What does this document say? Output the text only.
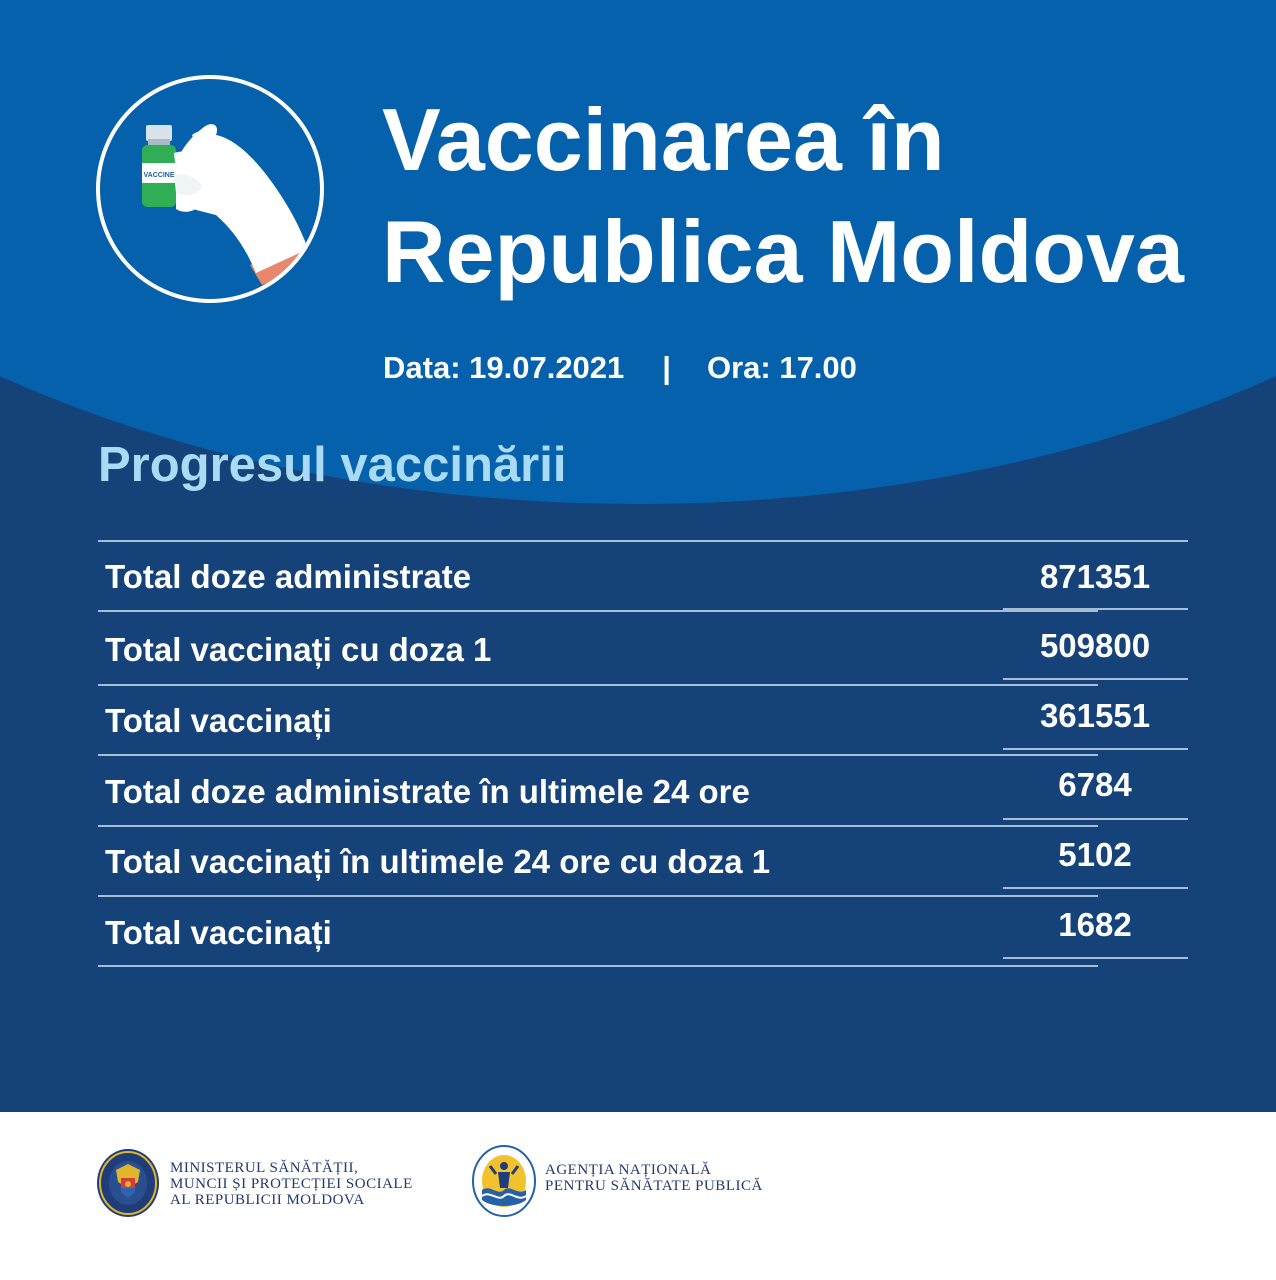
VACCINE Vaccinarea în
Republica Moldova
Data: 19.07.2021 | Ora: 17.00
Progresul vaccinării
Total doze administrate	871351
Total vaccinați cu doza 1	509800
Total vaccinați	361551
Total doze administrate în ultimele 24 ore	6784
Total vaccinați în ultimele 24 ore cu doza 1	5102
Total vaccinați	1682
MINISTERUL SĂNĂTĂȚII,
MUNCII ȘI PROTECȚIEI SOCIALE
AL REPUBLICII MOLDOVA
AGENȚIA NAȚIONALĂ
PENTRU SĂNĂTATE PUBLICĂ
